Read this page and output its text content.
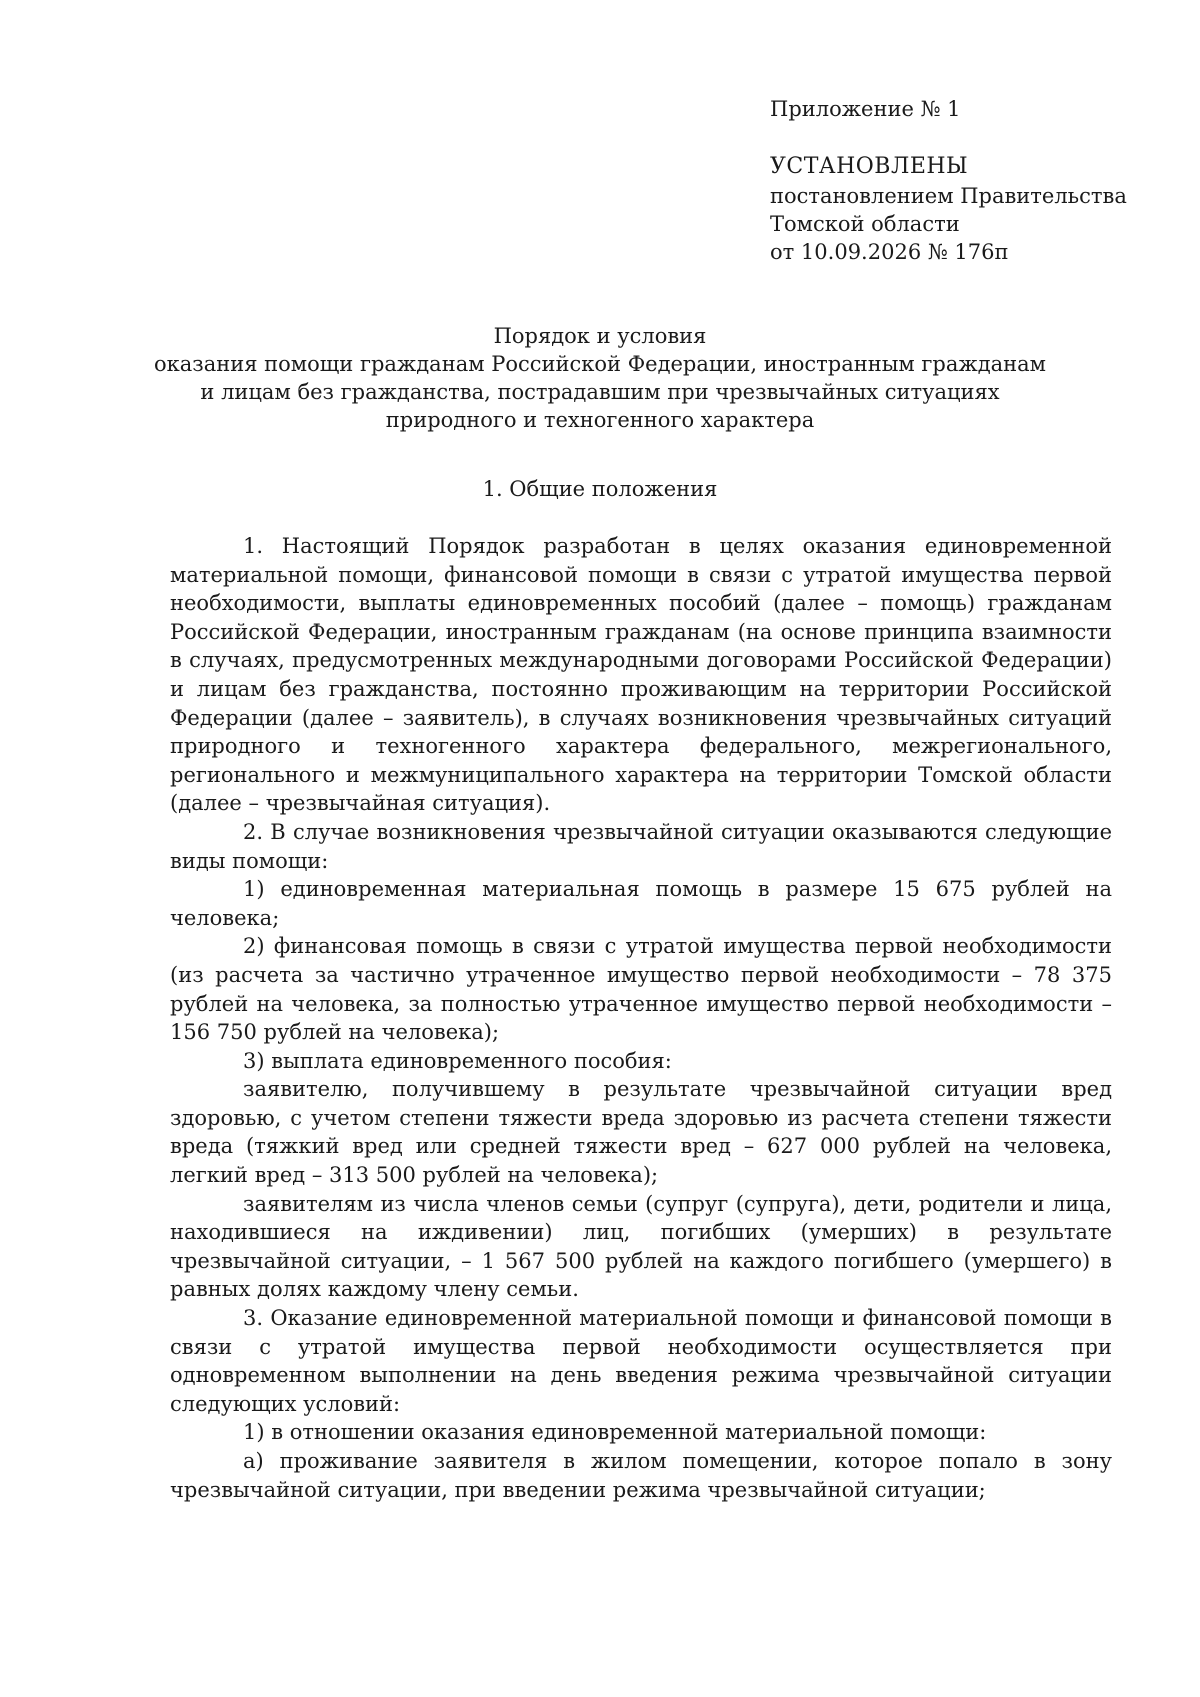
Приложение № 1
УСТАНОВЛЕНЫ
постановлением Правительства
Томской области
от 10.09.2026 № 176п
Порядок и условия
оказания помощи гражданам Российской Федерации, иностранным гражданам
и лицам без гражданства, пострадавшим при чрезвычайных ситуациях
природного и техногенного характера
1. Общие положения

1. Настоящий Порядок разработан в целях оказания единовременной материальной помощи, финансовой помощи в связи с утратой имущества первой необходимости, выплаты единовременных пособий (далее – помощь) гражданам Российской Федерации, иностранным гражданам (на основе принципа взаимности в случаях, предусмотренных международными договорами Российской Федерации) и лицам без гражданства, постоянно проживающим на территории Российской Федерации (далее – заявитель), в случаях возникновения чрезвычайных ситуаций природного и техногенного характера федерального, межрегионального, регионального и межмуниципального характера на территории Томской области (далее – чрезвычайная ситуация).

2. В случае возникновения чрезвычайной ситуации оказываются следующие виды помощи:

1) единовременная материальная помощь в размере 15 675 рублей на человека;

2) финансовая помощь в связи с утратой имущества первой необходимости (из расчета за частично утраченное имущество первой необходимости – 78 375 рублей на человека, за полностью утраченное имущество первой необходимости – 156 750 рублей на человека);

3) выплата единовременного пособия:

заявителю, получившему в результате чрезвычайной ситуации вред здоровью, с учетом степени тяжести вреда здоровью из расчета степени тяжести вреда (тяжкий вред или средней тяжести вред – 627 000 рублей на человека, легкий вред – 313 500 рублей на человека);

заявителям из числа членов семьи (супруг (супруга), дети, родители и лица, находившиеся на иждивении) лиц, погибших (умерших) в результате чрезвычайной ситуации, – 1 567 500 рублей на каждого погибшего (умершего) в равных долях каждому члену семьи.

3. Оказание единовременной материальной помощи и финансовой помощи в связи с утратой имущества первой необходимости осуществляется при одновременном выполнении на день введения режима чрезвычайной ситуации следующих условий:

1) в отношении оказания единовременной материальной помощи:

а) проживание заявителя в жилом помещении, которое попало в зону чрезвычайной ситуации, при введении режима чрезвычайной ситуации;
